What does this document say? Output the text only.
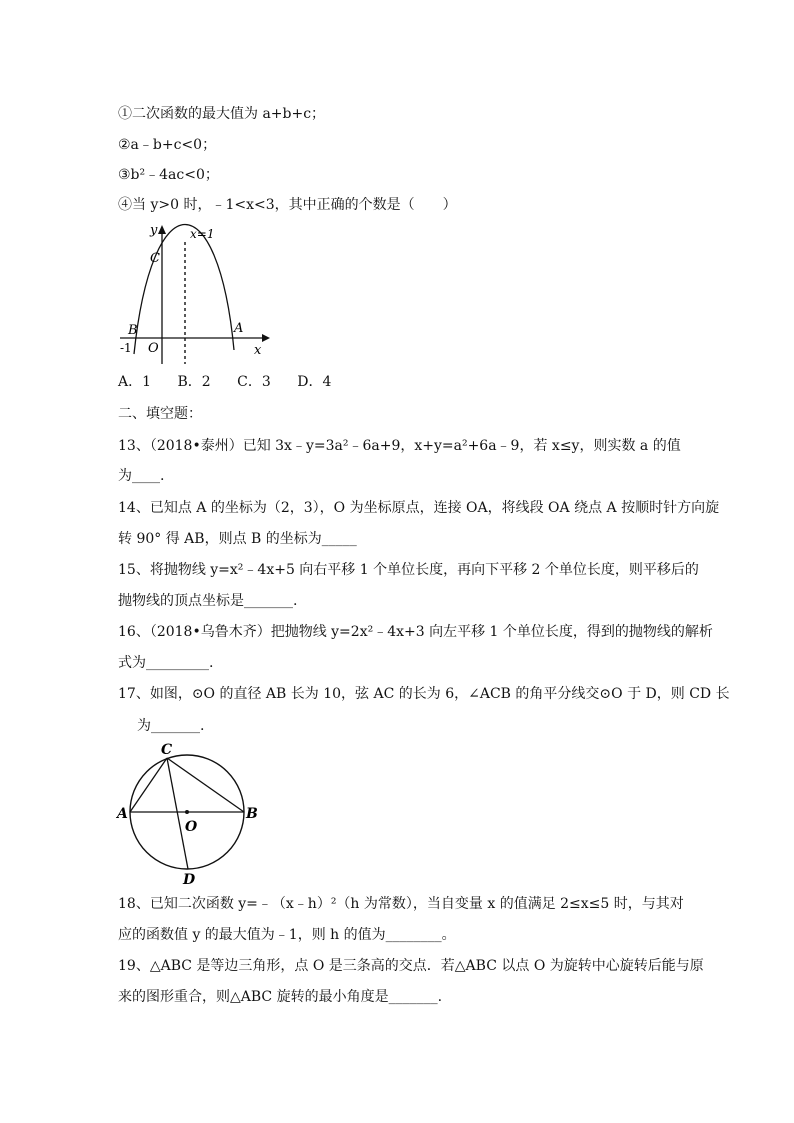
①二次函数的最大值为 a+b+c；
②a﹣b+c<0；
③b²﹣4ac<0；
④当 y>0 时，﹣1<x<3，其中正确的个数是（　　）
y	x=1
C
B	A
-1 O	x
A．1 B．2 C．3 D．4
二、填空题：
13、（2018•泰州）已知 3x﹣y=3a²﹣6a+9，x+y=a²+6a﹣9，若 x≤y，则实数 a 的值
为____.
14、已知点 A 的坐标为（2，3），O 为坐标原点，连接 OA，将线段 OA 绕点 A 按顺时针方向旋
转 90° 得 AB，则点 B 的坐标为_____
15、将抛物线 y=x²﹣4x+5 向右平移 1 个单位长度，再向下平移 2 个单位长度，则平移后的
抛物线的顶点坐标是_______.
16、（2018•乌鲁木齐）把抛物线 y=2x²﹣4x+3 向左平移 1 个单位长度，得到的抛物线的解析
式为_________.
17、如图，⊙O 的直径 AB 长为 10，弦 AC 的长为 6，∠ACB 的角平分线交⊙O 于 D，则 CD 长
为_______.
C
A	B
O
D
18、已知二次函数 y=﹣（x﹣h）²（h 为常数），当自变量 x 的值满足 2≤x≤5 时，与其对
应的函数值 y 的最大值为﹣1，则 h 的值为________。
19、△ABC 是等边三角形，点 O 是三条高的交点．若△ABC 以点 O 为旋转中心旋转后能与原
来的图形重合，则△ABC 旋转的最小角度是_______.
